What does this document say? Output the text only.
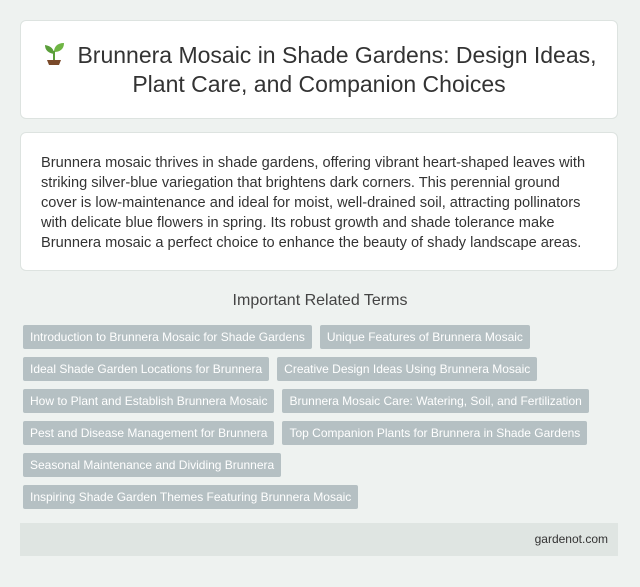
Brunnera Mosaic in Shade Gardens: Design Ideas, Plant Care, and Companion Choices

Brunnera mosaic thrives in shade gardens, offering vibrant heart-shaped leaves with striking silver-blue variegation that brightens dark corners. This perennial ground cover is low-maintenance and ideal for moist, well-drained soil, attracting pollinators with delicate blue flowers in spring. Its robust growth and shade tolerance make Brunnera mosaic a perfect choice to enhance the beauty of shady landscape areas.

Important Related Terms
Introduction to Brunnera Mosaic for Shade Gardens	Unique Features of Brunnera Mosaic
Ideal Shade Garden Locations for Brunnera	Creative Design Ideas Using Brunnera Mosaic
How to Plant and Establish Brunnera Mosaic	Brunnera Mosaic Care: Watering, Soil, and Fertilization
Pest and Disease Management for Brunnera	Top Companion Plants for Brunnera in Shade Gardens
Seasonal Maintenance and Dividing Brunnera
Inspiring Shade Garden Themes Featuring Brunnera Mosaic
gardenot.com
